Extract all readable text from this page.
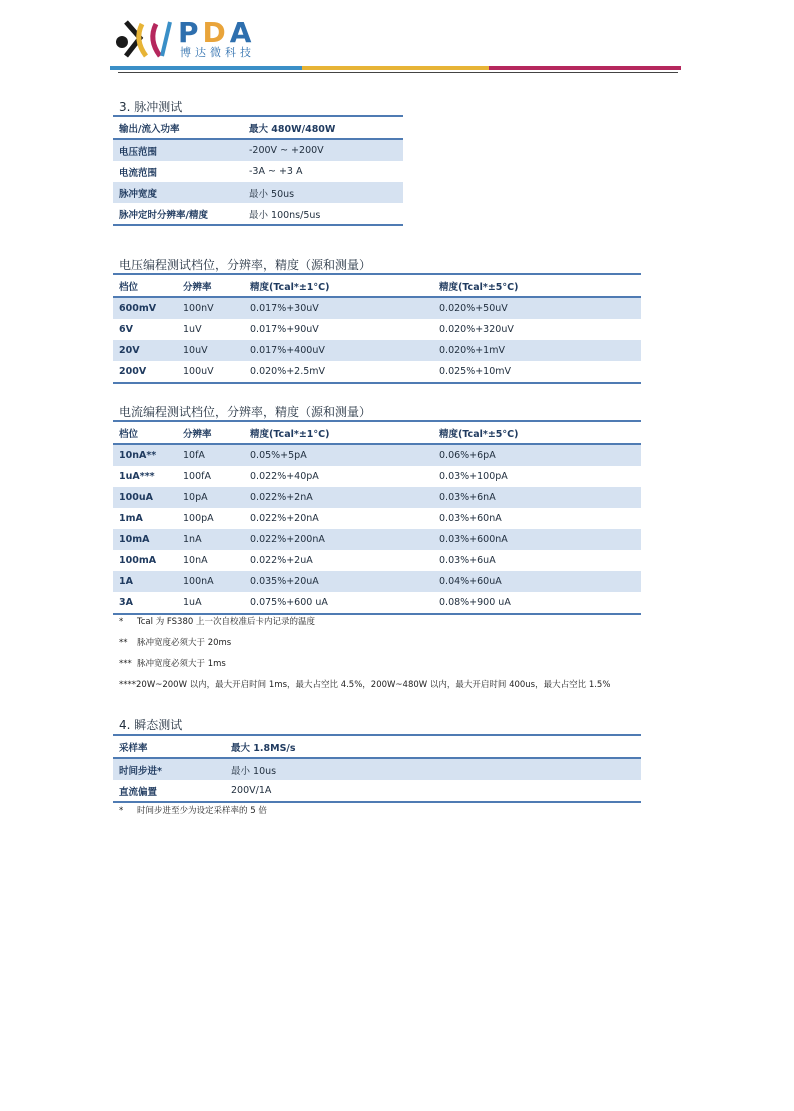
PDA
博达微科技
3. 脉冲测试
输出/流入功率	最大 480W/480W
电压范围	-200V ~ +200V
电流范围	-3A ~ +3 A
脉冲宽度	最小 50us
脉冲定时分辨率/精度	最小 100ns/5us
电压编程测试档位，分辨率，精度（源和测量）
档位	分辨率	精度(Tcal*±1°C)	精度(Tcal*±5°C)
600mV	100nV	0.017%+30uV	0.020%+50uV
6V	1uV	0.017%+90uV	0.020%+320uV
20V	10uV	0.017%+400uV	0.020%+1mV
200V	100uV	0.020%+2.5mV	0.025%+10mV
电流编程测试档位，分辨率，精度（源和测量）
档位	分辨率	精度(Tcal*±1°C)	精度(Tcal*±5°C)
10nA**	10fA	0.05%+5pA	0.06%+6pA
1uA***	100fA	0.022%+40pA	0.03%+100pA
100uA	10pA	0.022%+2nA	0.03%+6nA
1mA	100pA	0.022%+20nA	0.03%+60nA
10mA	1nA	0.022%+200nA	0.03%+600nA
100mA	10nA	0.022%+2uA	0.03%+6uA
1A	100nA	0.035%+20uA	0.04%+60uA
3A	1uA	0.075%+600 uA	0.08%+900 uA
* Tcal 为 FS380 上一次自校准后卡内记录的温度
** 脉冲宽度必须大于 20ms
*** 脉冲宽度必须大于 1ms
****20W~200W 以内，最大开启时间 1ms，最大占空比 4.5%，200W~480W 以内，最大开启时间 400us，最大占空比 1.5%
4. 瞬态测试
采样率	最大 1.8MS/s
时间步进*	最小 10us
直流偏置	200V/1A
* 时间步进至少为设定采样率的 5 倍
